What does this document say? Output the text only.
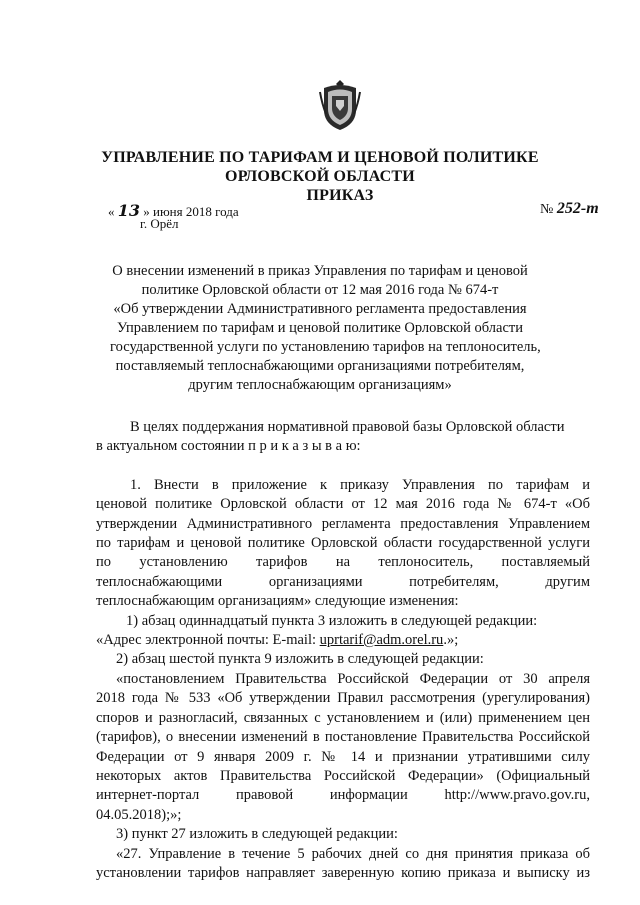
УПРАВЛЕНИЕ ПО ТАРИФАМ И ЦЕНОВОЙ ПОЛИТИКЕ
ОРЛОВСКОЙ ОБЛАСТИ
ПРИКАЗ
« 13 » июня 2018 года
г. Орёл
№ 252-т
О внесении изменений в приказ Управления по тарифам и ценовой
политике Орловской области от 12 мая 2016 года № 674-т
«Об утверждении Административного регламента предоставления
Управлением по тарифам и ценовой политике Орловской области
государственной услуги по установлению тарифов на теплоноситель,
поставляемый теплоснабжающими организациями потребителям,
другим теплоснабжающим организациям»
В целях поддержания нормативной правовой базы Орловской области
в актуальном состоянии п р и к а з ы в а ю:
1. Внести в приложение к приказу Управления по тарифам и
ценовой политике Орловской области от 12 мая 2016 года № 674-т «Об
утверждении Административного регламента предоставления Управлением
по тарифам и ценовой политике Орловской области государственной услуги
по установлению тарифов на теплоноситель, поставляемый
теплоснабжающими организациями потребителям, другим
теплоснабжающим организациям» следующие изменения:
1) абзац одиннадцатый пункта 3 изложить в следующей редакции:
«Адрес электронной почты: E-mail: uprtarif@adm.orel.ru.»;
2) абзац шестой пункта 9 изложить в следующей редакции:
«постановлением Правительства Российской Федерации от 30 апреля
2018 года № 533 «Об утверждении Правил рассмотрения (урегулирования)
споров и разногласий, связанных с установлением и (или) применением цен
(тарифов), о внесении изменений в постановление Правительства Российской
Федерации от 9 января 2009 г. № 14 и признании утратившими силу
некоторых актов Правительства Российской Федерации» (Официальный
интернет-портал правовой информации http://www.pravo.gov.ru,
04.05.2018);»;
3) пункт 27 изложить в следующей редакции:
«27. Управление в течение 5 рабочих дней со дня принятия приказа об
установлении тарифов направляет заверенную копию приказа и выписку из
